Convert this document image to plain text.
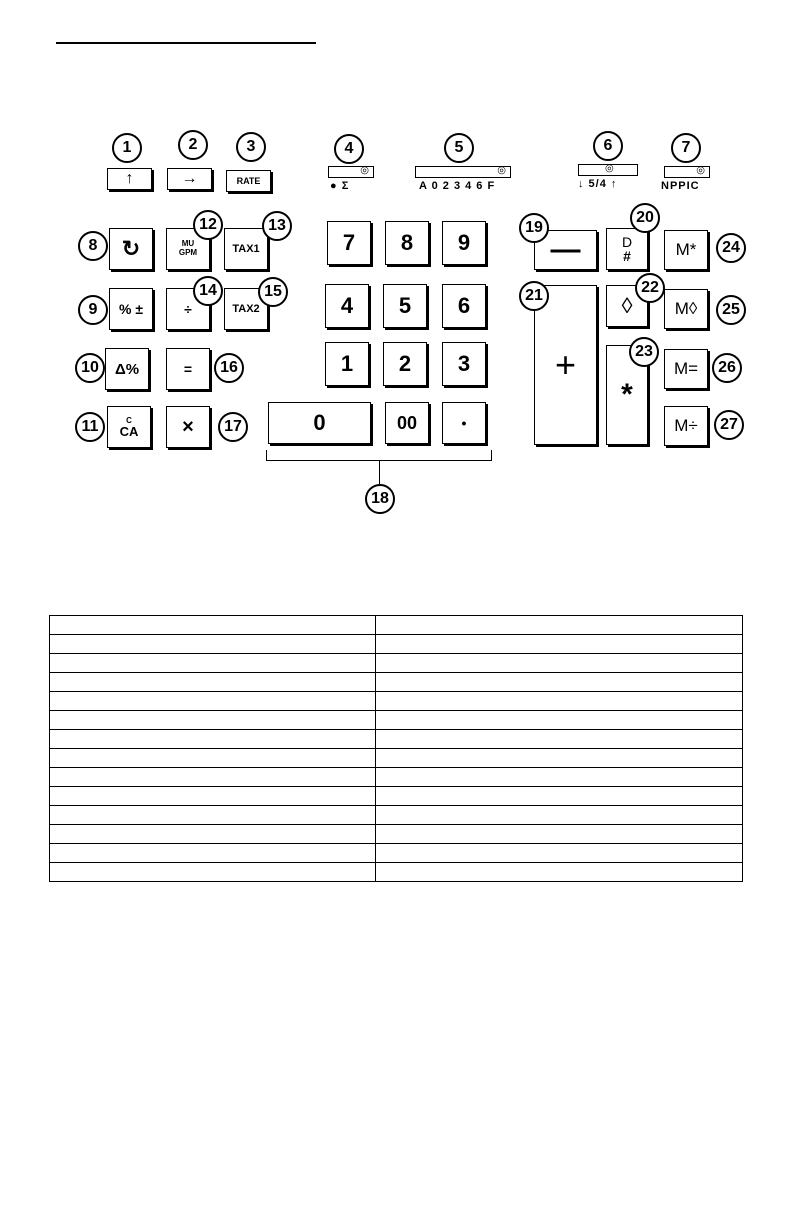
1	2	3	4	5	6	7
↑	→	RATE
◎
● Σ
◎
A 0 2 3 4 6 F
◎
↓ 5/4 ↑
◎
NPPIC
8
9
10
11
12	13
14	15
16
17
↻
% ±
Δ%
C
CA
MU
GPM
÷
=
×
TAX1
TAX2
7 8 9
4 5 6
1 2 3
0	00	•
18
19
20
21	22
23
24
25
26
27
—
+
D
#
◊
*
M*
M◊
M=
M÷
